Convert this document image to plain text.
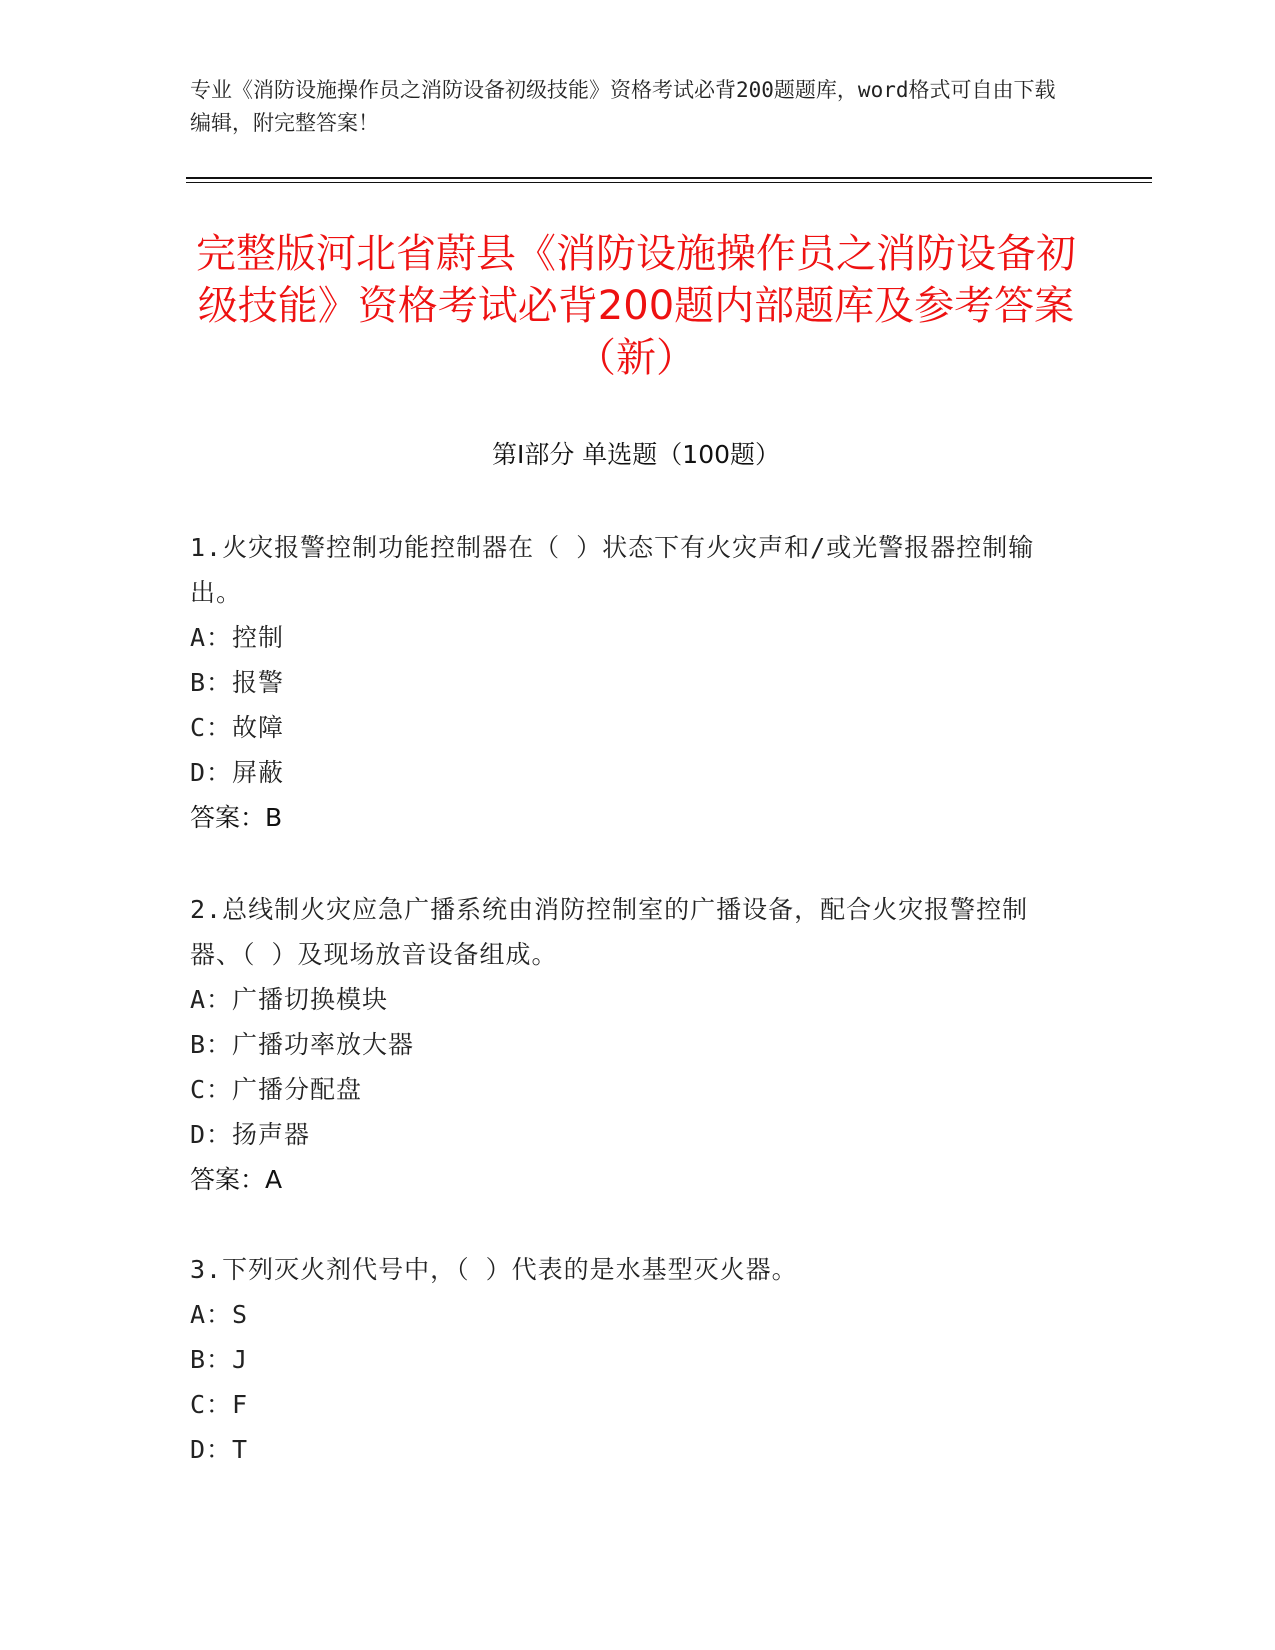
专业《消防设施操作员之消防设备初级技能》资格考试必背200题题库，word格式可自由下载编辑，附完整答案！
完整版河北省蔚县《消防设施操作员之消防设备初级技能》资格考试必背200题内部题库及参考答案（新）
第Ⅰ部分 单选题（100题）
1.火灾报警控制功能控制器在（ ）状态下有火灾声和/或光警报器控制输出。
A：控制
B：报警
C：故障
D：屏蔽
答案：B
2.总线制火灾应急广播系统由消防控制室的广播设备，配合火灾报警控制器、（ ）及现场放音设备组成。
A：广播切换模块
B：广播功率放大器
C：广播分配盘
D：扬声器
答案：A
3.下列灭火剂代号中，（ ）代表的是水基型灭火器。
A：S
B：J
C：F
D：T
